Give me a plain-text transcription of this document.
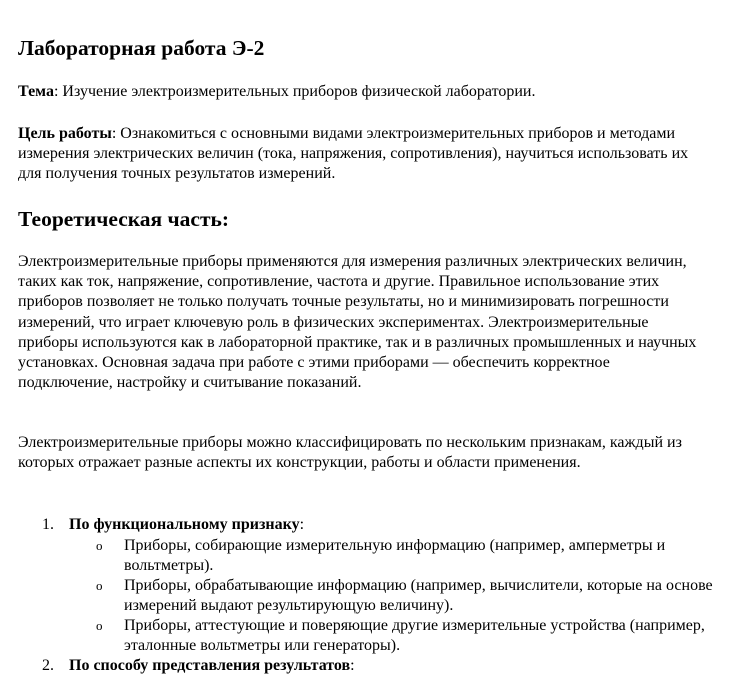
Лабораторная работа Э-2

Тема: Изучение электроизмерительных приборов физической лаборатории.

Цель работы: Ознакомиться с основными видами электроизмерительных приборов и методами измерения электрических величин (тока, напряжения, сопротивления), научиться использовать их для получения точных результатов измерений.

Теоретическая часть:

Электроизмерительные приборы применяются для измерения различных электрических величин, таких как ток, напряжение, сопротивление, частота и другие. Правильное использование этих приборов позволяет не только получать точные результаты, но и минимизировать погрешности измерений, что играет ключевую роль в физических экспериментах. Электроизмерительные приборы используются как в лабораторной практике, так и в различных промышленных и научных установках. Основная задача при работе с этими приборами — обеспечить корректное подключение, настройку и считывание показаний.

Электроизмерительные приборы можно классифицировать по нескольким признакам, каждый из которых отражает разные аспекты их конструкции, работы и области применения.

1. По функциональному признаку:
o Приборы, собирающие измерительную информацию (например, амперметры и вольтметры).
o Приборы, обрабатывающие информацию (например, вычислители, которые на основе измерений выдают результирующую величину).
o Приборы, аттестующие и поверяющие другие измерительные устройства (например, эталонные вольтметры или генераторы).
2. По способу представления результатов:
